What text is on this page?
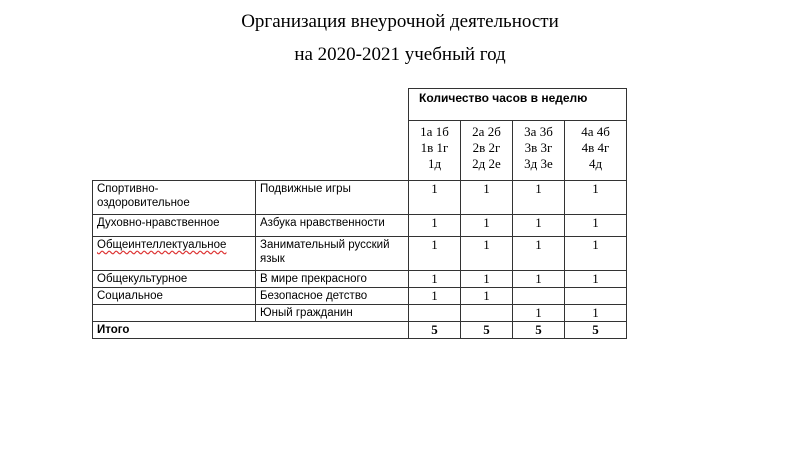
Организация внеурочной деятельности
на 2020-2021 учебный год
		Количество часов в неделю			
		1а 1б
1в 1г
1д	2а 2б
2в 2г
2д 2е	3а 3б
3в 3г
3д 3е	4а 4б
4в 4г
4д
Спортивно-оздоровительное	Подвижные игры	1	1	1	1
Духовно-нравственное	Азбука нравственности	1	1	1	1
Общеинтеллектуальное	Занимательный русский язык	1	1	1	1
Общекультурное	В мире прекрасного	1	1	1	1
Социальное	Безопасное детство	1	1		
	Юный гражданин			1	1
Итого		5	5	5	5
